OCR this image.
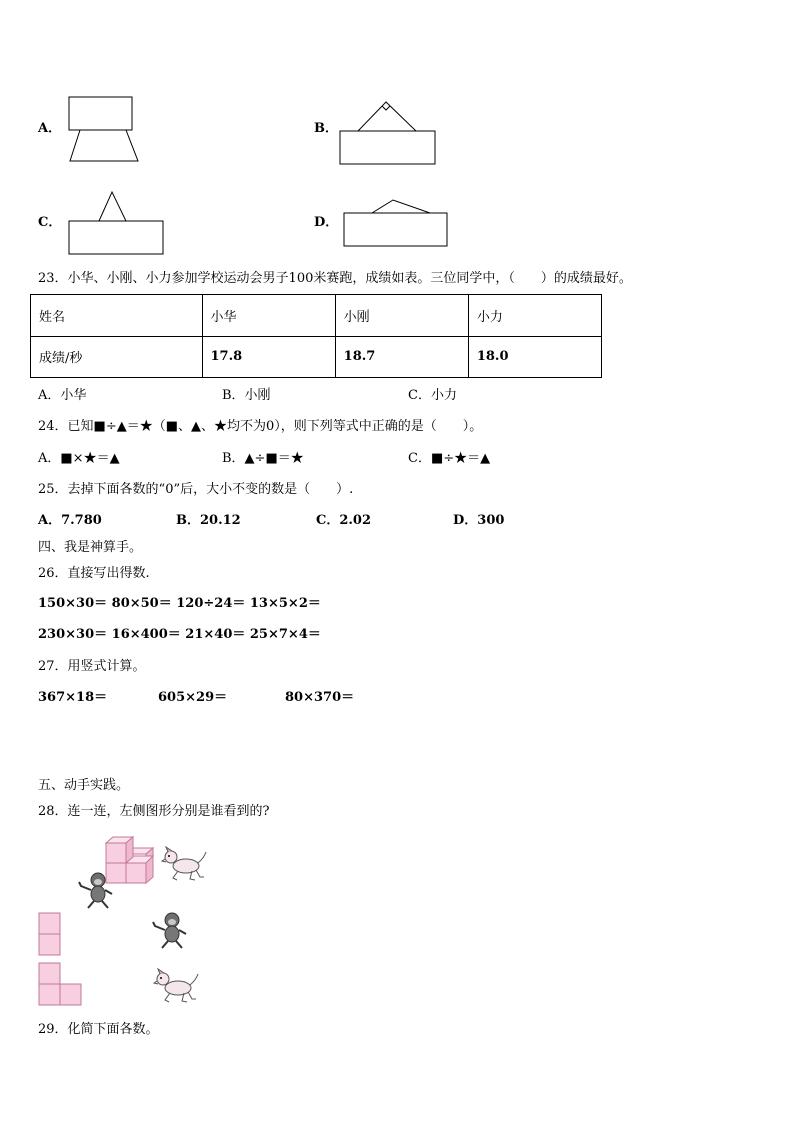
A．	B．
C．	D．
23．小华、小刚、小力参加学校运动会男子100米赛跑，成绩如表。三位同学中，（　　）的成绩最好。
姓名	小华	小刚	小力
成绩/秒	17.8	18.7	18.0
A．小华	B．小刚	C．小力
24．已知■÷▲＝★（■、▲、★均不为0），则下列等式中正确的是（　　）。
A．■×★＝▲	B．▲÷■＝★	C．■÷★＝▲
25．去掉下面各数的“0”后，大小不变的数是（　　）.
A．7.780	B．20.12	C．2.02	D．300
四、我是神算手。
26．直接写出得数.
150×30＝ 80×50＝ 120÷24＝ 13×5×2＝
230×30＝ 16×400＝ 21×40＝ 25×7×4＝
27．用竖式计算。
367×18＝	605×29＝	80×370＝
五、动手实践。
28．连一连，左侧图形分别是谁看到的?
29．化简下面各数。
